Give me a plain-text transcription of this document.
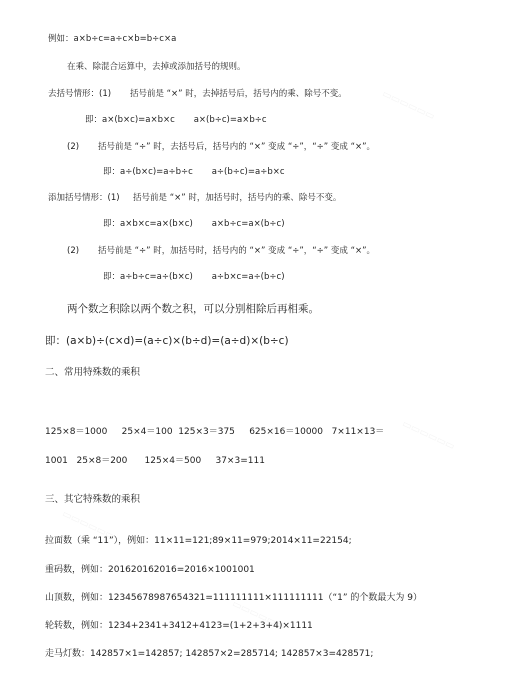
▭▭▭▭▭▭
▭▭▭▭▭▭
▭▭▭▭▭▭
▭▭▭▭▭▭
例如：a×b÷c=a÷c×b=b÷c×a
在乘、除混合运算中，去掉或添加括号的规则。
去括号情形：(1)       括号前是 “×” 时，去掉括号后，括号内的乘、除号不变。
即：a×(b×c)=a×b×c       a×(b÷c)=a×b÷c
(2)       括号前是 “÷” 时，去括号后，括号内的 “×” 变成 “÷”，“÷” 变成 “×”。
即：a÷(b×c)=a÷b÷c       a÷(b÷c)=a÷b×c
添加括号情形：(1)     括号前是 “×” 时，加括号时，括号内的乘、除号不变。
即：a×b×c=a×(b×c)       a×b÷c=a×(b÷c)
(2)       括号前是 “÷” 时，加括号时，括号内的 “×” 变成 “÷”，“÷” 变成 “×”。
即：a÷b÷c=a÷(b×c)       a÷b×c=a÷(b÷c)
两个数之积除以两个数之积，可以分别相除后再相乘。
即：(a×b)÷(c×d)=(a÷c)×(b÷d)=(a÷d)×(b÷c)
二、常用特殊数的乘积
125×8＝1000     25×4＝100  125×3＝375     625×16＝10000   7×11×13＝
1001   25×8＝200      125×4＝500     37×3=111
三、其它特殊数的乘积
拉面数（乘 “11”），例如：11×11=121;89×11=979;2014×11=22154;
重码数，例如：201620162016=2016×1001001
山顶数，例如：12345678987654321=111111111×111111111（“1” 的个数最大为 9）
轮转数，例如：1234+2341+3412+4123=(1+2+3+4)×1111
走马灯数：142857×1=142857; 142857×2=285714; 142857×3=428571;
